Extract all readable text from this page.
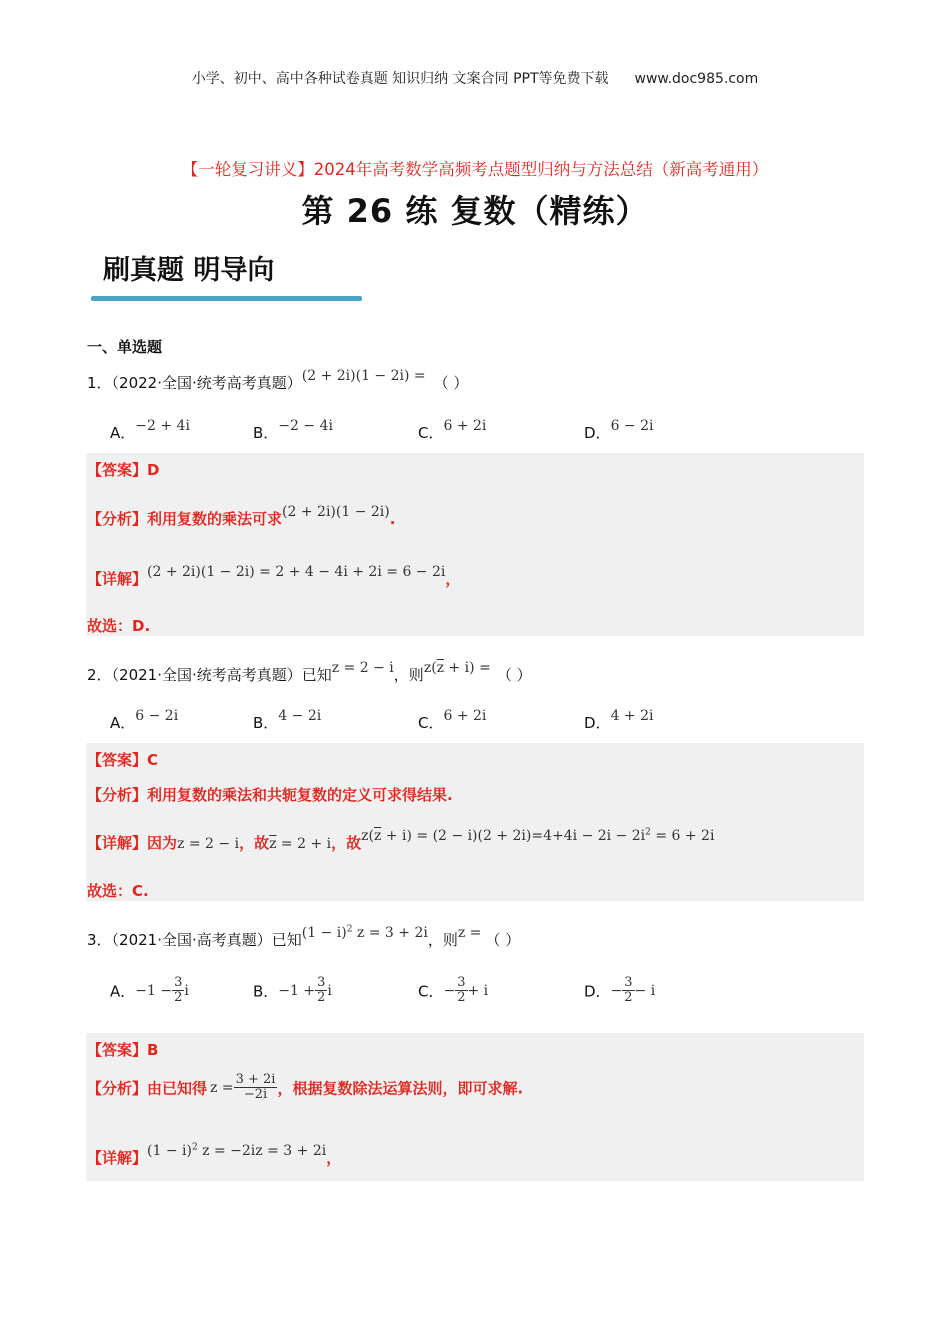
小学、初中、高中各种试卷真题 知识归纳 文案合同 PPT等免费下载 www.doc985.com
【一轮复习讲义】2024年高考数学高频考点题型归纳与方法总结（新高考通用）
第 26 练 复数（精练）
刷真题 明导向
一、单选题
1．（2022·全国·统考高考真题）(2 + 2i)(1 − 2i) = （ ）
A．−2 + 4i	B．−2 − 4i	C．6 + 2i	D．6 − 2i
【答案】D
【分析】利用复数的乘法可求(2 + 2i)(1 − 2i).
【详解】(2 + 2i)(1 − 2i) = 2 + 4 − 4i + 2i = 6 − 2i，
故选：D.
2．（2021·全国·统考高考真题）已知z = 2 − i，则$z(\overline{z} + i)$ = （ ）
A．6 − 2i	B．4 − 2i	C．6 + 2i	D．4 + 2i
【答案】C
【分析】利用复数的乘法和共轭复数的定义可求得结果.
【详解】因为z = 2 − i，故$\overline{z} = 2 + i$，故$z(\overline{z} + i) = (2 - i)(2 + 2i)=4+4i - 2i - 2i^2 = 6 + 2i$
故选：C.
3．（2021·全国·高考真题）已知$(1 - i)^2$ z = 3 + 2i，则z = （ ）
A．$-1 - \frac{3}{2}$ i	B．$-1 + \frac{3}{2}$ i	C．− $\frac{3}{2} + i$	D．− $\frac{3}{2} - i$
【答案】B
【分析】由已知得 $z = \frac{3 + 2i}{-2i}$ ，根据复数除法运算法则，即可求解.
【详解】$(1 - i)^2$ z = −2iz = 3 + 2i，
